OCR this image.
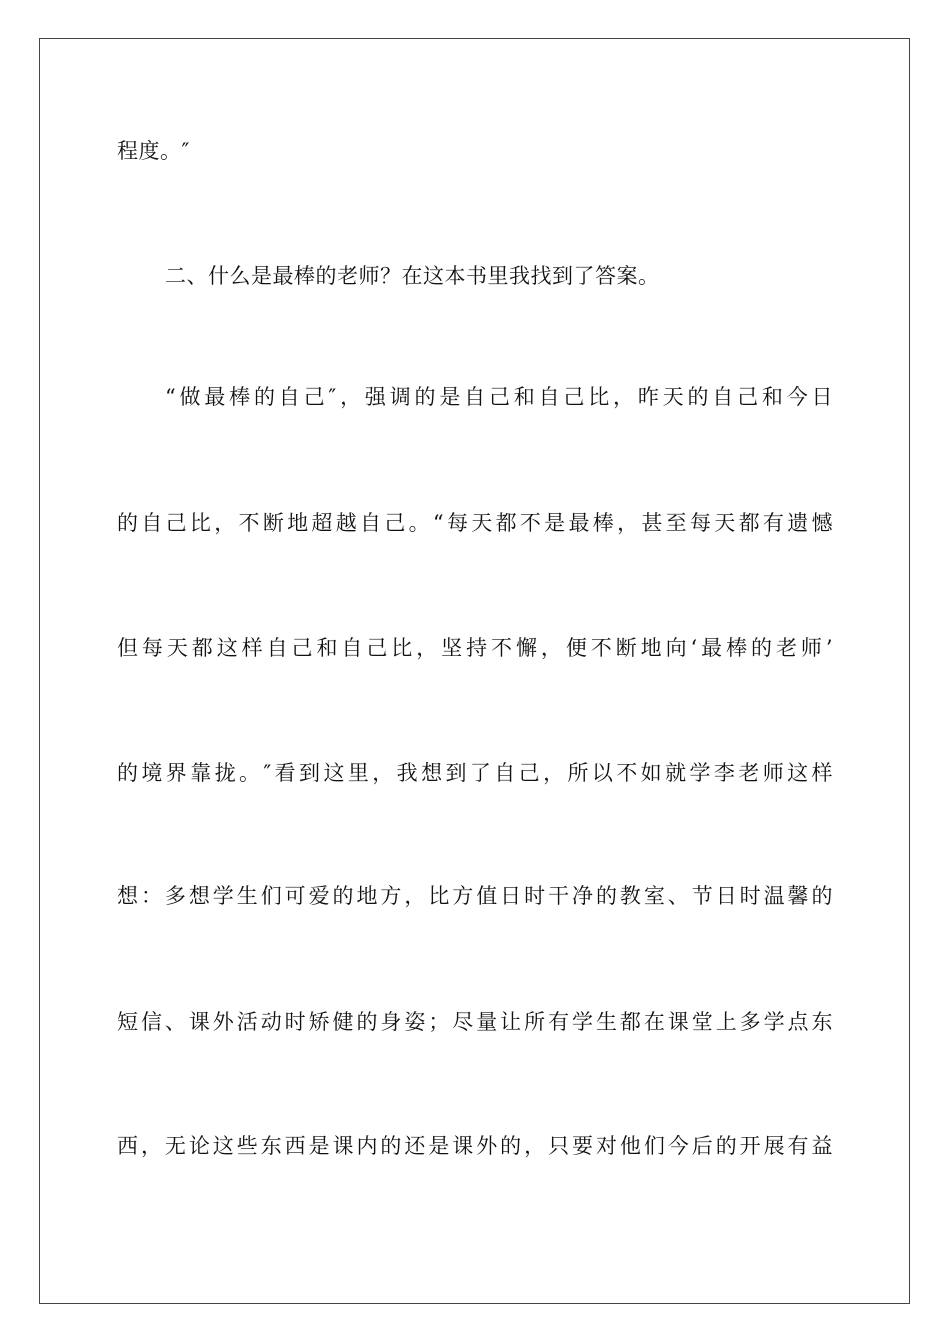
程度。″
二、什么是最棒的老师？在这本书里我找到了答案。
“做最棒的自己″，强调的是自己和自己比，昨天的自己和今日
的自己比，不断地超越自己。“每天都不是最棒，甚至每天都有遗憾
但每天都这样自己和自己比，坚持不懈，便不断地向‘最棒的老师’
的境界靠拢。″看到这里，我想到了自己，所以不如就学李老师这样
想：多想学生们可爱的地方，比方值日时干净的教室、节日时温馨的
短信、课外活动时矫健的身姿；尽量让所有学生都在课堂上多学点东
西，无论这些东西是课内的还是课外的，只要对他们今后的开展有益
